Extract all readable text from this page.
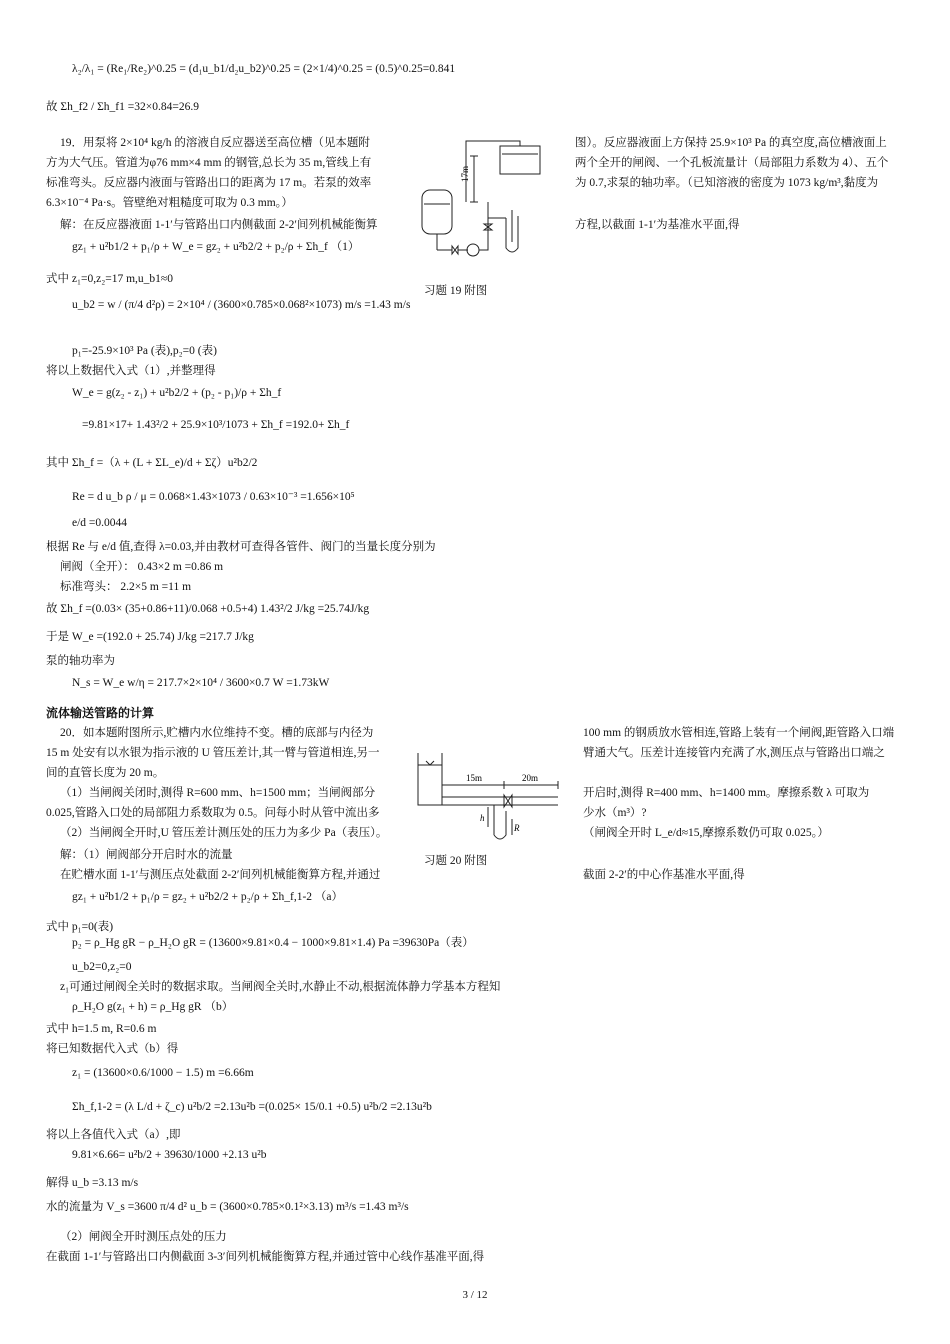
λ₂/λ₁ = (Re₁/Re₂)^0.25 = (d₁u_b1/d₂u_b2)^0.25 = (2×1/4)^0.25 = (0.5)^0.25=0.841
故 Σh_f2 / Σh_f1 =32×0.84=26.9
19．用泵将 2×10⁴ kg/h 的溶液自反应器送至高位槽（见本题附
方为大气压。管道为φ76 mm×4 mm 的钢管,总长为 35 m,管线上有
标准弯头。反应器内液面与管路出口的距离为 17 m。若泵的效率
6.3×10⁻⁴ Pa·s。管壁绝对粗糙度可取为 0.3 mm。）
解：在反应器液面 1-1′与管路出口内侧截面 2-2′间列机械能衡算
gz₁ + u²b1/2 + p₁/ρ + W_e = gz₂ + u²b2/2 + p₂/ρ + Σh_f （1）
式中 z₁=0,z₂=17 m,u_b1≈0
u_b2 = w / (π/4 d²ρ) = 2×10⁴ / (3600×0.785×0.068²×1073) m/s =1.43 m/s
p₁=-25.9×10³ Pa (表),p₂=0 (表)
将以上数据代入式（1）,并整理得
W_e = g(z₂ - z₁) + u²b2/2 + (p₂ - p₁)/ρ + Σh_f
=9.81×17+ 1.43²/2 + 25.9×10³/1073 + Σh_f =192.0+ Σh_f
其中 Σh_f =（λ + (L + ΣL_e)/d + Σζ）u²b2/2
Re = d u_b ρ / μ = 0.068×1.43×1073 / 0.63×10⁻³ =1.656×10⁵
e/d =0.0044
根据 Re 与 e/d 值,查得 λ=0.03,并由教材可查得各管件、阀门的当量长度分别为
闸阀（全开）： 0.43×2 m =0.86 m
标准弯头： 2.2×5 m =11 m
故 Σh_f =(0.03× (35+0.86+11)/0.068 +0.5+4) 1.43²/2 J/kg =25.74J/kg
于是 W_e =(192.0 + 25.74) J/kg =217.7 J/kg
泵的轴功率为
N_s = W_e w/η = 217.7×2×10⁴ / 3600×0.7 W =1.73kW
流体输送管路的计算
20．如本题附图所示,贮槽内水位维持不变。槽的底部与内径为
15 m 处安有以水银为指示液的 U 管压差计,其一臂与管道相连,另一
间的直管长度为 20 m。
（1）当闸阀关闭时,测得 R=600 mm、h=1500 mm；当闸阀部分
0.025,管路入口处的局部阻力系数取为 0.5。问每小时从管中流出多
（2）当闸阀全开时,U 管压差计测压处的压力为多少 Pa（表压）。
解：（1）闸阀部分开启时水的流量
在贮槽水面 1-1′与测压点处截面 2-2′间列机械能衡算方程,并通过
gz₁ + u²b1/2 + p₁/ρ = gz₂ + u²b2/2 + p₂/ρ + Σh_f,1-2 （a）
式中 p₁=0(表)
p₂ = ρ_Hg gR − ρ_H₂O gR = (13600×9.81×0.4 − 1000×9.81×1.4) Pa =39630Pa（表）
u_b2=0,z₂=0
z₁可通过闸阀全关时的数据求取。当闸阀全关时,水静止不动,根据流体静力学基本方程知
ρ_H₂O g(z₁ + h) = ρ_Hg gR （b）
式中 h=1.5 m, R=0.6 m
将已知数据代入式（b）得
z₁ = (13600×0.6/1000 − 1.5) m =6.66m
Σh_f,1-2 = (λ L/d + ζ_c) u²b/2 =2.13u²b =(0.025× 15/0.1 +0.5) u²b/2 =2.13u²b
将以上各值代入式（a）,即
9.81×6.66= u²b/2 + 39630/1000 +2.13 u²b
解得 u_b =3.13 m/s
水的流量为 V_s =3600 π/4 d² u_b = (3600×0.785×0.1²×3.13) m³/s =1.43 m³/s
（2）闸阀全开时测压点处的压力
在截面 1-1′与管路出口内侧截面 3-3′间列机械能衡算方程,并通过管中心线作基准平面,得
图）。反应器液面上方保持 25.9×10³ Pa 的真空度,高位槽液面上
两个全开的闸阀、一个孔板流量计（局部阻力系数为 4）、五个
为 0.7,求泵的轴功率。（已知溶液的密度为 1073 kg/m³,黏度为
方程,以截面 1-1′为基准水平面,得
100 mm 的钢质放水管相连,管路上装有一个闸阀,距管路入口端
臂通大气。压差计连接管内充满了水,测压点与管路出口端之
开启时,测得 R=400 mm、h=1400 mm。摩擦系数 λ 可取为
少水（m³）?
（闸阀全开时 L_e/d≈15,摩擦系数仍可取 0.025。）
截面 2-2′的中心作基准水平面,得
17m
习题 19 附图
15m	20m
h
R
习题 20 附图
3 / 12
